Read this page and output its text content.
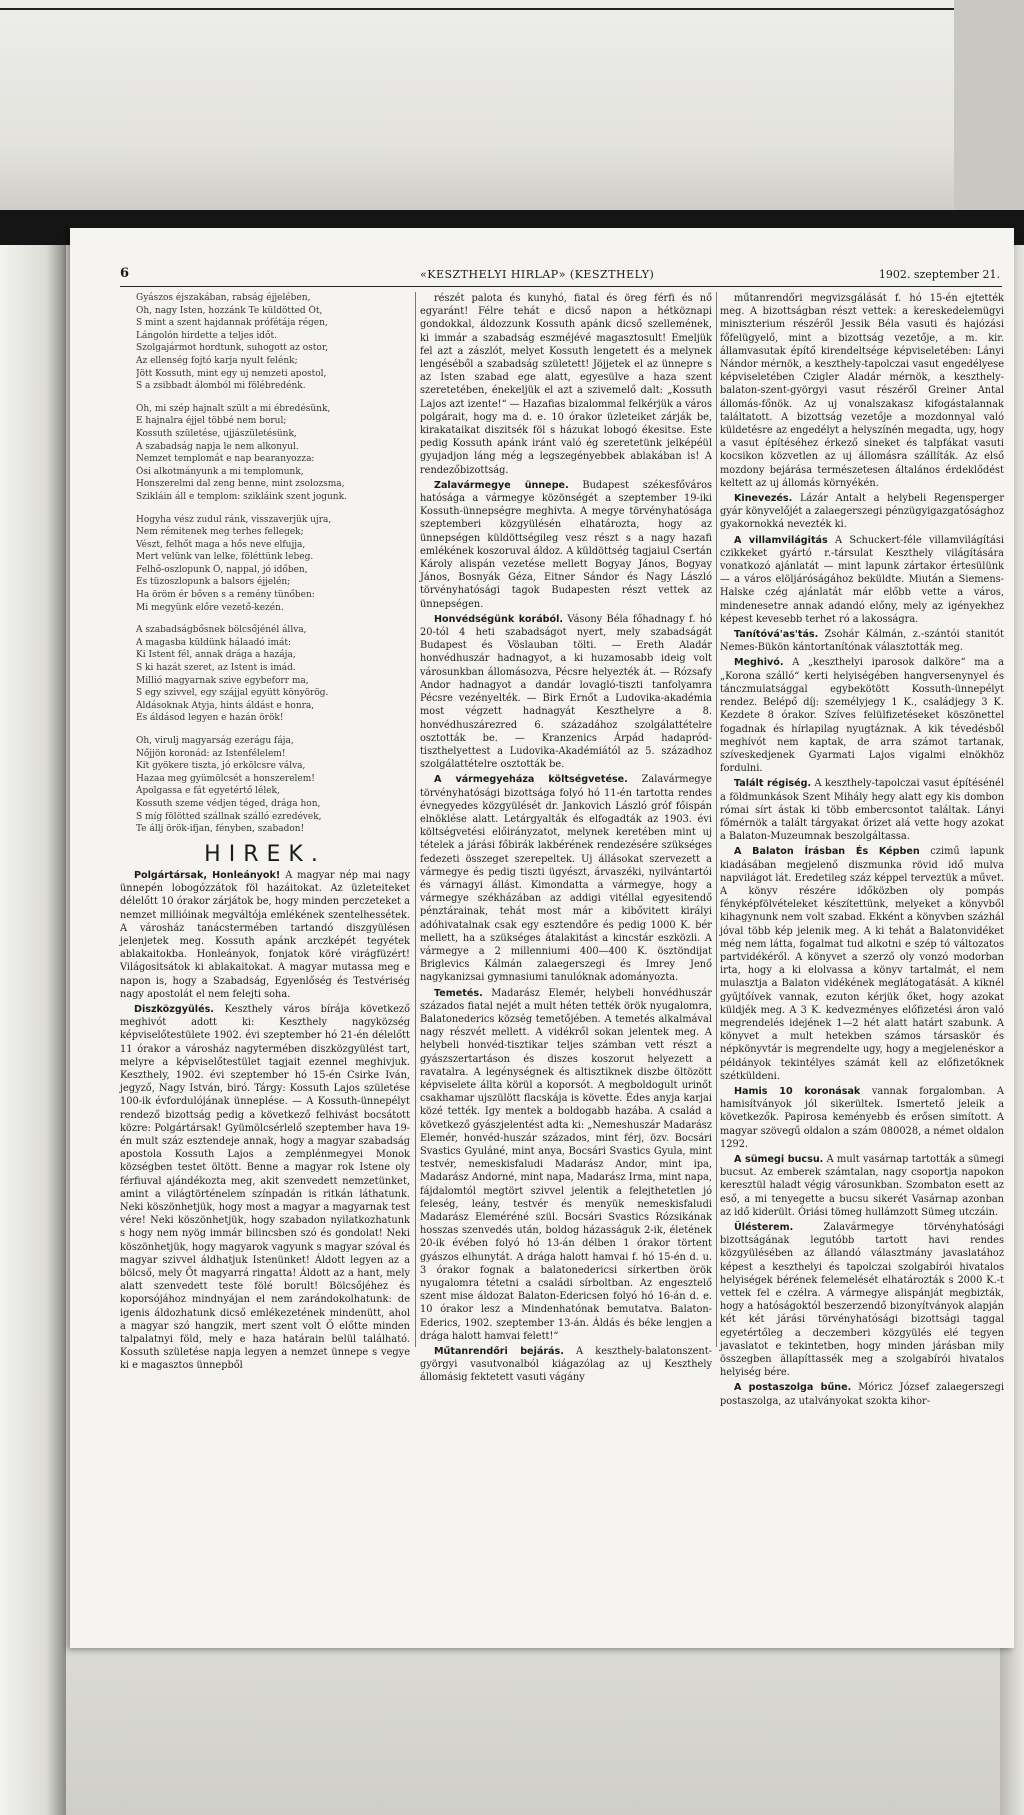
6	«KESZTHELYI HIRLAP» (KESZTHELY)	1902. szeptember 21.
Gyászos éjszakában, rabság éjjelében,
Oh, nagy Isten, hozzánk Te küldötted Őt,
S mint a szent hajdannak prófétája régen,
Lángolón hirdette a teljes időt.
Szolgajármot hordtunk, suhogott az ostor,
Az ellenség fojtó karja nyult felénk;
Jött Kossuth, mint egy uj nemzeti apostol,
S a zsibbadt álomból mi fölébredénk.
Oh, mi szép hajnalt szült a mi ébredésünk,
E hajnalra éjjel többé nem borul;
Kossuth születése, ujjászületésünk,
A szabadság napja le nem alkonyul.
Nemzet templomát e nap bearanyozza:
Ősi alkotmányunk a mi templomunk,
Honszerelmi dal zeng benne, mint zsolozsma,
Szikláin áll e templom: szikláink szent jogunk.
Hogyha vész zudul ránk, visszaverjük ujra,
Nem rémitenek meg terhes fellegek;
Vészt, felhőt maga a hős neve elfujja,
Mert velünk van lelke, föléttünk lebeg.
Felhő-oszlopunk Ő, nappal, jó időben,
És tüzoszlopunk a balsors éjjelén;
Ha öröm ér bőven s a remény tünőben:
Mi megyünk előre vezető-kezén.
A szabadságbősnek bölcsőjénél állva,
A magasba küldünk hálaadó imát:
Ki Istent fél, annak drága a hazája,
S ki hazát szeret, az Istent is imád.
Millió magyarnak szive egybeforr ma,
S egy szivvel, egy szájjal együtt könyörög.
Áldásoknak Atyja, hints áldást e honra,
És áldásod legyen e hazán örök!
Oh, virulj magyarság ezerágu fája,
Nőjjön koronád: az Istenfélelem!
Kit gyökere tiszta, jó erkölcsre válva,
Hazaa meg gyümölcsét a honszerelem!
Ápolgassa e fát egyetértő lélek,
Kossuth szeme védjen téged, drága hon,
S míg fölötted szállnak szálló ezredévek,
Te állj örök-ifjan, fényben, szabadon!
HIREK.

Polgártársak, Honleányok! A magyar nép mai nagy ünnepén lobogózzátok föl hazáitokat. Az üzleteiteket délelőtt 10 órakor zárjátok be, hogy minden perczeteket a nemzet millióinak megváltója emlékének szentelhessétek. A városház tanácstermében tartandó diszgyülésen jelenjetek meg. Kossuth apánk arczképét tegyétek ablakaitokba. Honleányok, fonjatok köré virágfüzért! Világositsátok ki ablakaitokat. A magyar mutassa meg e napon is, hogy a Szabadság, Egyenlőség és Testvériség nagy apostolát el nem felejti soha.

Diszközgyülés. Keszthely város bírája következő meghivót adott ki: Keszthely nagyközség képviselőtestülete 1902. évi szeptember hó 21-én délelőtt 11 órakor a városház nagytermében diszközgyülést tart, melyre a képviselőtestület tagjait ezennel meghivjuk. Keszthely, 1902. évi szeptember hó 15-én Csirke Iván, jegyző, Nagy István, biró. Tárgy: Kossuth Lajos születése 100-ik évfordulójának ünneplése. — A Kossuth-ünnepélyt rendező bizottság pedig a következő felhivást bocsátott közre: Polgártársak! Gyümölcsérlelő szeptember hava 19-én mult száz esztendeje annak, hogy a magyar szabadság apostola Kossuth Lajos a zemplénmegyei Monok községben testet öltött. Benne a magyar rok Istene oly férfiuval ajándékozta meg, akit szenvedett nemzetünket, amint a világtörténelem színpadán is ritkán láthatunk. Neki köszönhetjük, hogy most a magyar a magyarnak test vére! Neki köszönhetjük, hogy szabadon nyilatkozhatunk s hogy nem nyög immár bilincsben szó és gondolat! Neki köszönhetjük, hogy magyarok vagyunk s magyar szóval és magyar szivvel áldhatjuk Istenünket! Áldott legyen az a bölcső, mely Őt magyarrá ringatta! Áldott az a hant, mely alatt szenvedett teste fölé borult! Bölcsőjéhez és koporsójához mindnyájan el nem zarándokolhatunk: de igenis áldozhatunk dicső emlékezetének mindenütt, ahol a magyar szó hangzik, mert szent volt Ő előtte minden talpalatnyi föld, mely e haza határain belül található. Kossuth születése napja legyen a nemzet ünnepe s vegye ki e magasztos ünnepből

részét palota és kunyhó, fiatal és öreg férfi és nő egyaránt! Félre tehát e dicső napon a hétköznapi gondokkal, áldozzunk Kossuth apánk dicső szellemének, ki immár a szabadság eszméjévé magasztosult! Emeljük fel azt a zászlót, melyet Kossuth lengetett és a melynek lengéséből a szabadság született! Jöjjetek el az ünnepre s az Isten szabad ege alatt, egyesülve a haza szent szeretetében, énekeljük el azt a szivemelő dalt: „Kossuth Lajos azt izente!“ — Hazafias bizalommal felkérjük a város polgárait, hogy ma d. e. 10 órakor üzleteiket zárják be, kirakataikat diszitsék föl s házukat lobogó ékesitse. Este pedig Kossuth apánk iránt való ég szeretetünk jelképéül gyujadjon láng még a legszegényebbek ablakában is! A rendezőbizottság.

Zalavármegye ünnepe. Budapest székesfőváros hatósága a vármegye közönségét a szeptember 19-iki Kossuth-ünnepségre meghivta. A megye törvényhatósága szeptemberi közgyülésén elhatározta, hogy az ünnepségen küldöttségileg vesz részt s a nagy hazafi emlékének koszoruval áldoz. A küldöttség tagjaiul Csertán Károly alispán vezetése mellett Bogyay János, Bogyay János, Bosnyák Géza, Eitner Sándor és Nagy László törvényhatósági tagok Budapesten részt vettek az ünnepségen.

Honvédségünk korából. Vásony Béla főhadnagy f. hó 20-tól 4 heti szabadságot nyert, mely szabadságát Budapest és Vöslauban tölti. — Ereth Aladár honvédhuszár hadnagyot, a ki huzamosabb ideig volt városunkban állomásozva, Pécsre helyezték át. — Rózsafy Andor hadnagyot a dandár lovagló-tiszti tanfolyamra Pécsre vezényelték. — Birk Ernőt a Ludovika-akadémia most végzett hadnagyát Keszthelyre a 8. honvédhuszárezred 6. századához szolgálattételre osztották be. — Kranzenics Árpád hadapród-tiszthelyettest a Ludovika-Akadémiától az 5. századhoz szolgálattételre osztották be.

A vármegyeháza költségvetése. Zalavármegye törvényhatósági bizottsága folyó hó 11-én tartotta rendes évnegyedes közgyülését dr. Jankovich László gróf főispán elnöklése alatt. Letárgyalták és elfogadták az 1903. évi költségvetési előirányzatot, melynek keretében mint uj tételek a járási főbirák lakbérének rendezésére szükséges fedezeti összeget szerepeltek. Uj állásokat szervezett a vármegye és pedig tiszti ügyészt, árvaszéki, nyilvántartói és várnagyi állást. Kimondatta a vármegye, hogy a vármegye székházában az addigi vitéllal egyesitendő pénztárainak, tehát most már a kibővitett királyi adóhivatalnak csak egy esztendőre és pedig 1000 K. bér mellett, ha a szükséges átalakitást a kincstár eszközli. A vármegye a 2 millenniumi 400—400 K. ösztöndijat Briglevics Kálmán zalaegerszegi és Imrey Jenő nagykanizsai gymnasiumi tanulóknak adományozta.

Temetés. Madarász Elemér, helybeli honvédhuszár százados fiatal nejét a mult héten tették örök nyugalomra, Balatonederics község temetőjében. A temetés alkalmával nagy részvét mellett. A vidékről sokan jelentek meg. A helybeli honvéd-tisztikar teljes számban vett részt a gyászszertartáson és diszes koszorut helyezett a ravatalra. A legénységnek és altisztiknek diszbe öltözött képviselete állta körül a koporsót. A megboldogult urinőt csakhamar ujszülött flacskája is követte. Édes anyja karjai közé tették. Igy mentek a boldogabb hazába. A család a következő gyászjelentést adta ki: „Nemeshuszár Madarász Elemér, honvéd-huszár százados, mint férj, özv. Bocsári Svastics Gyuláné, mint anya, Bocsári Svastics Gyula, mint testvér, nemeskisfaludi Madarász Andor, mint ipa, Madarász Andorné, mint napa, Madarász Irma, mint napa, fájdalomtól megtört szivvel jelentik a felejthetetlen jó feleség, leány, testvér és menyük nemeskisfaludi Madarász Eleméréné szül. Bocsári Svastics Rózsikának hosszas szenvedés után, boldog házasságuk 2-ik, életének 20-ik évében folyó hó 13-án délben 1 órakor törtent gyászos elhunytát. A drága halott hamvai f. hó 15-én d. u. 3 órakor fognak a balatonedericsi sírkertben örök nyugalomra tétetni a családi sírboltban. Az engesztelő szent mise áldozat Balaton-Edericsen folyó hó 16-án d. e. 10 órakor lesz a Mindenhatónak bemutatva. Balaton-Ederics, 1902. szeptember 13-án. Áldás és béke lengjen a drága halott hamvai felett!“

Műtanrendőri bejárás. A keszthely-balatonszent-györgyi vasutvonalból kiágazólag az uj Keszthely állomásig fektetett vasuti vágány

műtanrendőri megvizsgálását f. hó 15-én ejtették meg. A bizottságban részt vettek: a kereskedelemügyi miniszterium részéről Jessik Béla vasuti és hajózási főfelügyelő, mint a bizottság vezetője, a m. kir. államvasutak építő kirendeltsége képviseletében: Lányi Nándor mérnök, a keszthely-tapolczai vasut engedélyese képviseletében Czigler Aladár mérnök, a keszthely-balaton-szent-györgyi vasut részéről Greiner Antal állomás-főnök. Az uj vonalszakasz kifogástalannak találtatott. A bizottság vezetője a mozdonnyal való küldetésre az engedélyt a helyszínén megadta, ugy, hogy a vasut építéséhez érkező sineket és talpfákat vasuti kocsikon közvetlen az uj állomásra szállíták. Az első mozdony bejárása természetesen általános érdeklődést keltett az uj állomás környékén.

Kinevezés. Lázár Antalt a helybeli Regensperger gyár könyvelőjét a zalaegerszegi pénzügyigazgatósághoz gyakornokká nevezték ki.

A villamvilágitás A Schuckert-féle villamvilágítási czikkeket gyártó r.-társulat Keszthely világítására vonatkozó ajánlatát — mint lapunk zártakor értesülünk — a város elöljáróságához beküldte. Miután a Siemens-Halske czég ajánlatát már előbb vette a város, mindenesetre annak adandó előny, mely az igényekhez képest kevesebb terhet ró a lakosságra.

Tanítóvá'as'tás. Zsohár Kálmán, z.-szántói stanitót Nemes-Bükön kántortanítónak választották meg.

Meghivó. A „keszthelyi iparosok dalköre“ ma a „Korona szálló“ kerti helyiségében hangversenynyel és tánczmulatsággal egybekötött Kossuth-ünnepélyt rendez. Belépő díj: személyjegy 1 K., családjegy 3 K. Kezdete 8 órakor. Szíves felülfizetéseket köszönettel fogadnak és hírlapilag nyugtáznak. A kik tévedésből meghívót nem kaptak, de arra számot tartanak, szíveskedjenek Gyarmati Lajos vigalmi elnökhöz fordulni.

Talált régiség. A keszthely-tapolczai vasut építésénél a földmunkások Szent Mihály hegy alatt egy kis dombon római sírt ástak ki több embercsontot találtak. Lányi főmérnök a talált tárgyakat őrizet alá vette hogy azokat a Balaton-Muzeumnak beszolgáltassa.

A Balaton Írásban És Képben czimű lapunk kiadásában megjelenő diszmunka rövid idő mulva napvilágot lát. Eredetileg száz képpel terveztük a művet. A könyv részére időközben oly pompás fényképfölvételeket készítettünk, melyeket a könyvből kihagynunk nem volt szabad. Ekként a könyvben százhál jóval több kép jelenik meg. A ki tehát a Balatonvidéket még nem látta, fogalmat tud alkotni e szép tó változatos partvidékéről. A könyvet a szerző oly vonzó modorban irta, hogy a ki elolvassa a könyv tartalmát, el nem mulasztja a Balaton vidékének meglátogatását. A kiknél gyűjtőívek vannak, ezuton kérjük őket, hogy azokat küldjék meg. A 3 K. kedvezményes előfizetési áron való megrendelés idejének 1—2 hét alatt határt szabunk. A könyvet a mult hetekben számos társaskör és népkönyvtár is megrendelte ugy, hogy a megjelenéskor a példányok tekintélyes számát kell az előfizetőknek szétküldeni.

Hamis 10 koronásak vannak forgalomban. A hamisítványok jól sikerültek. Ismertető jeleik a következők. Papirosa keményebb és erősen simított. A magyar szövegű oldalon a szám 080028, a német oldalon 1292.

A sümegi bucsu. A mult vasárnap tartották a sümegi bucsut. Az emberek számtalan, nagy csoportja napokon keresztül haladt végig városunkban. Szombaton esett az eső, a mi tenyegette a bucsu sikerét Vasárnap azonban az idő kiderült. Óriási tömeg hullámzott Sümeg utczáin.

Ülésterem. Zalavármegye törvényhatósági bizottságának legutóbb tartott havi rendes közgyülésében az állandó választmány javaslatához képest a keszthelyi és tapolczai szolgabírói hivatalos helyiségek bérének felemelését elhatározták s 2000 K.-t vettek fel e czélra. A vármegye alispánját megbizták, hogy a hatóságoktól beszerzendő bizonyítványok alapján két két járási törvényhatósági bizottsági taggal egyetértőleg a deczemberi közgyülés elé tegyen javaslatot e tekintetben, hogy minden járásban mily összegben állapíttassék meg a szolgabírói hivatalos helyiség bére.

A postaszolga bűne. Móricz József zalaegerszegi postaszolga, az utalványokat szokta kihor-
